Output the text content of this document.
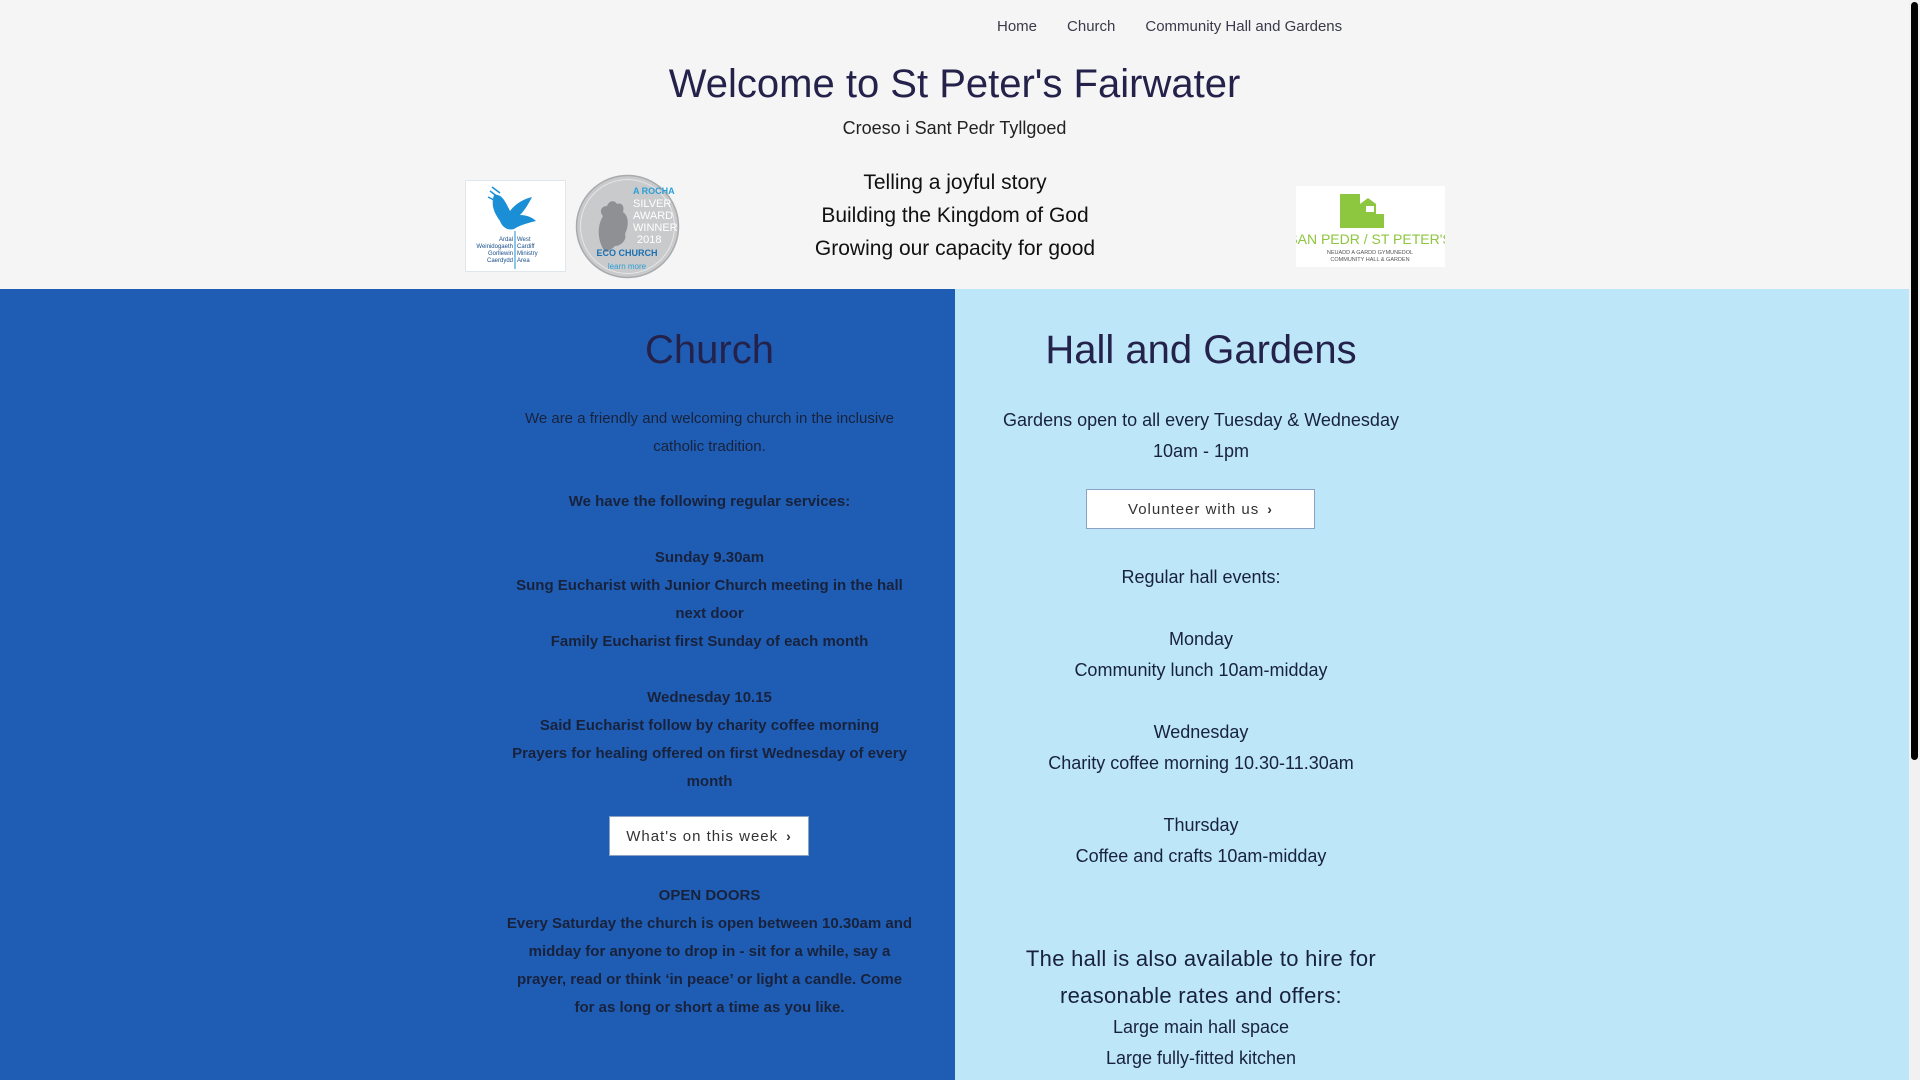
Home	Church	Community Hall and Gardens
Welcome to St Peter's Fairwater

Croeso i Sant Pedr Tyllgoed

Telling a joyful story
Building the Kingdom of God
Growing our capacity for good
Ardal West
Weinidogaeth Cardiff
Gorllewin Ministry
Caerdydd Area
A ROCHA
SILVER
AWARD
WINNER
2018
ECO CHURCH
learn more
SAN PEDR / ST PETER'S
NEUADD A GARDD GYMUNEDOL
COMMUNITY HALL & GARDEN
Church
We are a friendly and welcoming church in the inclusive catholic tradition.

We have the following regular services:

Sunday 9.30am

Sung Eucharist with Junior Church meeting in the hall next door

Family Eucharist first Sunday of each month

Wednesday 10.15

Said Eucharist follow by charity coffee morning

Prayers for healing offered on first Wednesday of every month

What's on this week ›

OPEN DOORS

Every Saturday the church is open between 10.30am and midday for anyone to drop in - sit for a while, say a prayer, read or think ‘in peace’ or light a candle. Come for as long or short a time as you like.

Hall and Gardens

Gardens open to all every Tuesday & Wednesday

10am - 1pm

Volunteer with us ›

Regular hall events:

Monday

Community lunch 10am-midday

Wednesday

Charity coffee morning 10.30-11.30am

Thursday

Coffee and crafts 10am-midday

The hall is also available to hire for reasonable rates and offers:

Large main hall space

Large fully-fitted kitchen
